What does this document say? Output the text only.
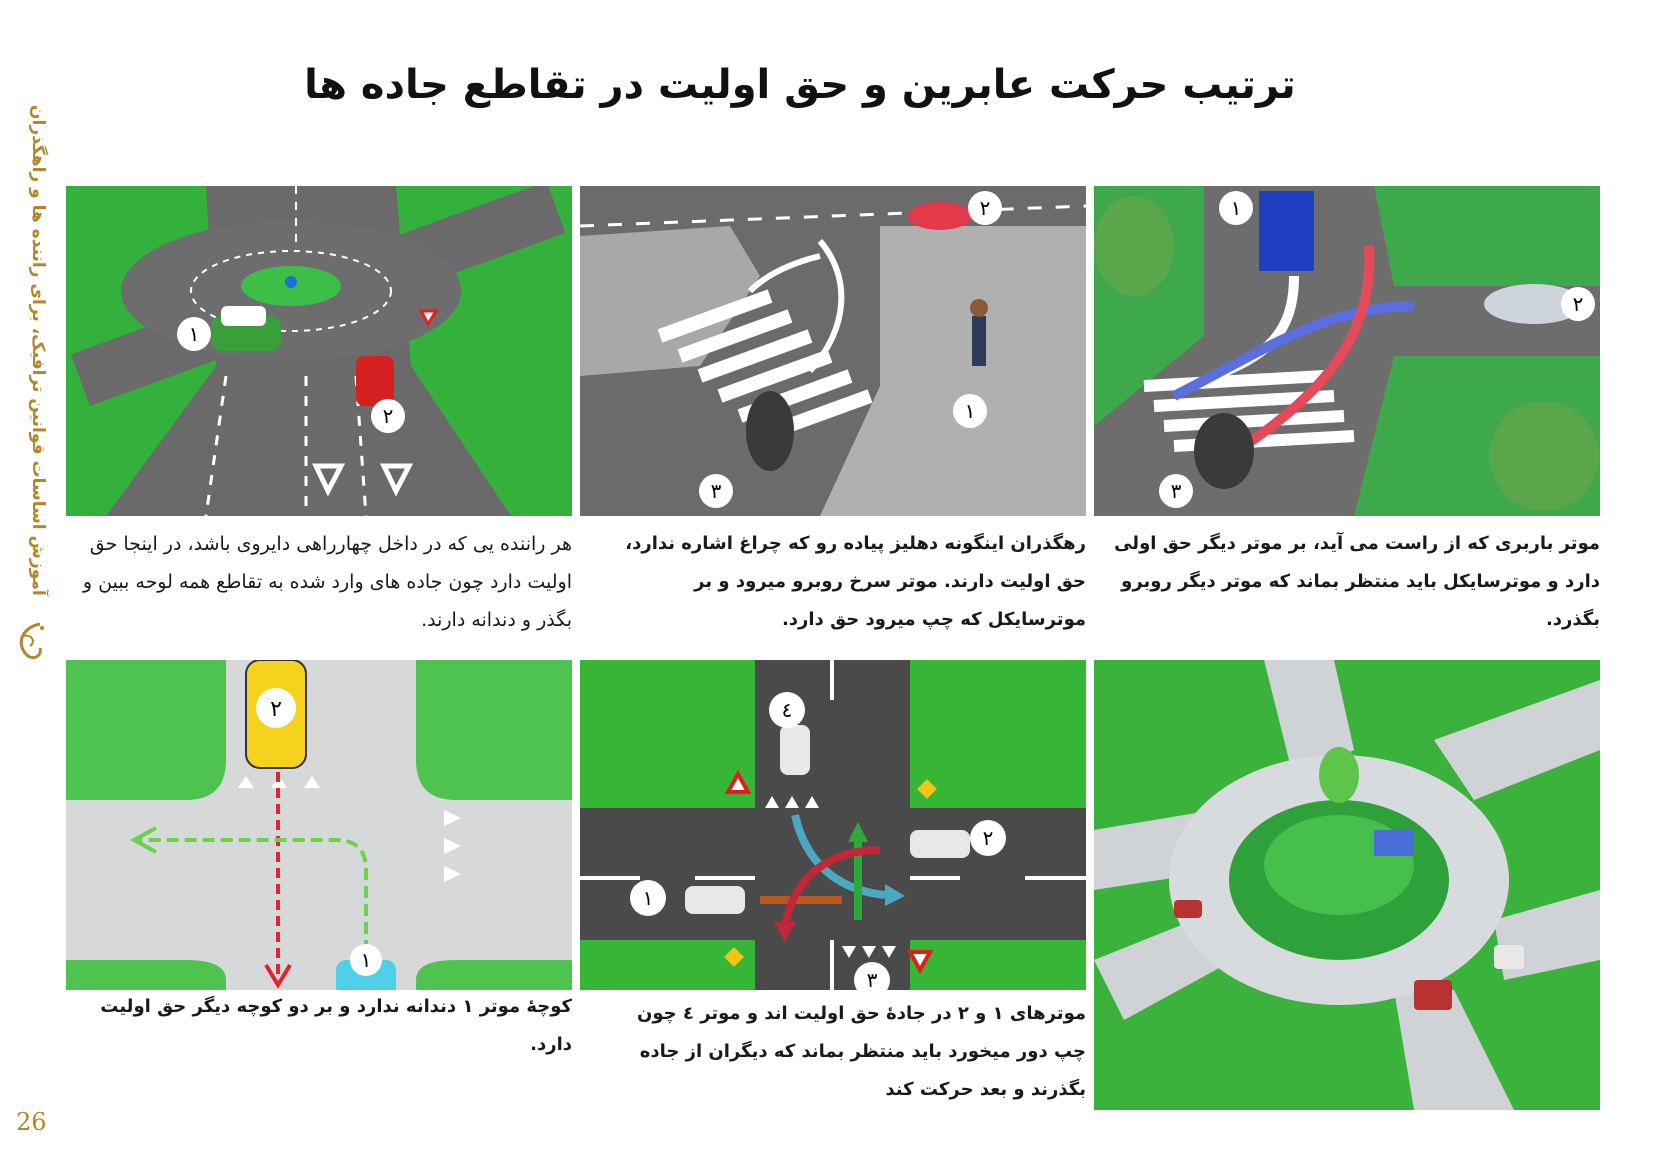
ترتیب حرکت عابرین و حق اولیت در تقاطع جاده ها
آموزش اساسات قوانین ترافیک، برای راننده ها و راهگذران
26
۱
۲
هر راننده یی که در داخل چهارراهی دایروی باشد، در اینجا حق اولیت دارد چون جاده های وارد شده به تقاطع همه لوحه ببین و بگذر و دندانه دارند.
۱
۲
۳
رهگذران اینگونه دهلیز پیاده رو که چراغ اشاره ندارد، حق اولیت دارند. موتر سرخ روبرو میرود و بر موترسایکل که چپ میرود حق دارد.
۱
۲
۳
موتر باربری که از راست می آید، بر موتر دیگر حق اولی دارد و موترسایکل باید منتظر بماند که موتر دیگر روبرو بگذرد.
۲
۱
کوچهٔ موتر ۱ دندانه ندارد و بر دو کوچه دیگر حق اولیت دارد.
٤
۲
۱
۳
موترهای ۱ و ۲ در جادهٔ حق اولیت اند و موتر ٤ چون چپ دور میخورد باید منتظر بماند که دیگران از جاده بگذرند و بعد حرکت کند
